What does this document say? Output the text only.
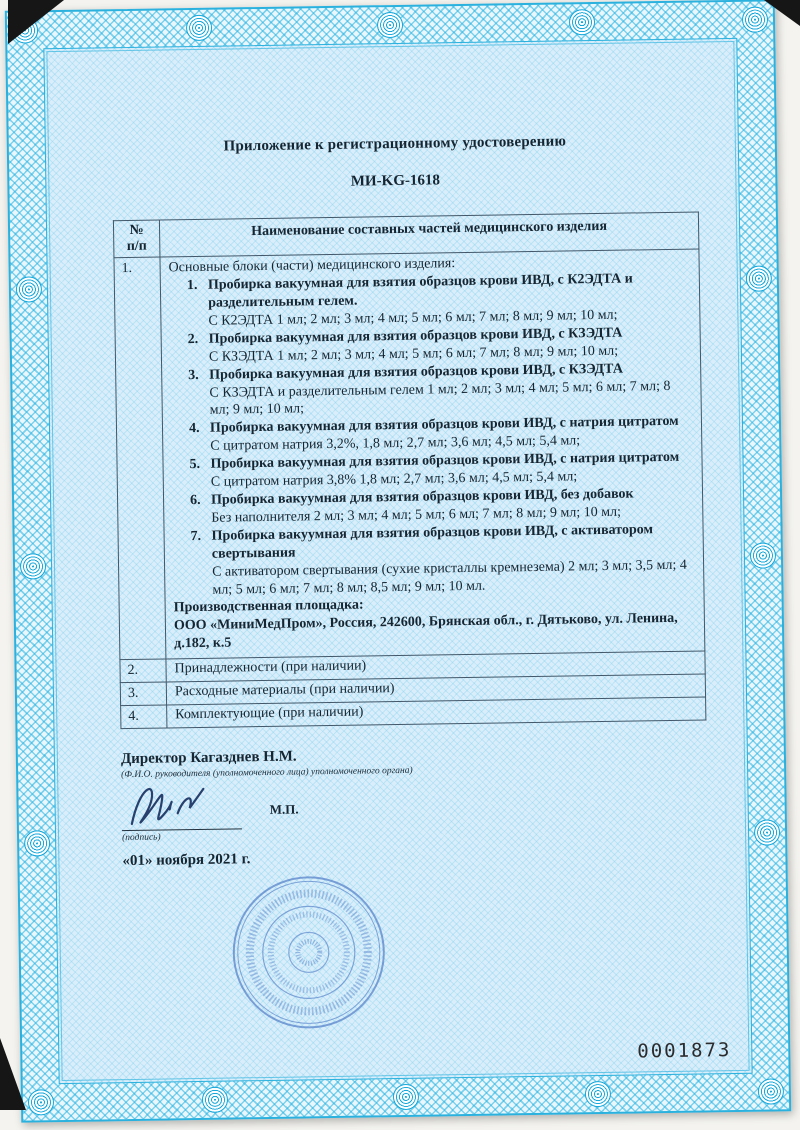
Приложение к регистрационному удостоверению
МИ-KG-1618
№
п/п	Наименование составных частей медицинского изделия
1.	Основные блоки (части) медицинского изделия:
1. Пробирка вакуумная для взятия образцов крови ИВД, с К2ЭДТА и разделительным гелем.
С К2ЭДТА 1 мл; 2 мл; 3 мл; 4 мл; 5 мл; 6 мл; 7 мл; 8 мл; 9 мл; 10 мл;
2. Пробирка вакуумная для взятия образцов крови ИВД, с КЗЭДТА
С КЗЭДТА 1 мл; 2 мл; 3 мл; 4 мл; 5 мл; 6 мл; 7 мл; 8 мл; 9 мл; 10 мл;
3. Пробирка вакуумная для взятия образцов крови ИВД, с КЗЭДТА
С КЗЭДТА и разделительным гелем 1 мл; 2 мл; 3 мл; 4 мл; 5 мл; 6 мл; 7 мл; 8 мл; 9 мл; 10 мл;
4. Пробирка вакуумная для взятия образцов крови ИВД, с натрия цитратом
С цитратом натрия 3,2%, 1,8 мл; 2,7 мл; 3,6 мл; 4,5 мл; 5,4 мл;
5. Пробирка вакуумная для взятия образцов крови ИВД, с натрия цитратом
С цитратом натрия 3,8% 1,8 мл; 2,7 мл; 3,6 мл; 4,5 мл; 5,4 мл;
6. Пробирка вакуумная для взятия образцов крови ИВД, без добавок
Без наполнителя 2 мл; 3 мл; 4 мл; 5 мл; 6 мл; 7 мл; 8 мл; 9 мл; 10 мл;
7. Пробирка вакуумная для взятия образцов крови ИВД, с активатором свертывания
С активатором свертывания (сухие кристаллы кремнезема) 2 мл; 3 мл; 3,5 мл; 4 мл; 5 мл; 6 мл; 7 мл; 8 мл; 8,5 мл; 9 мл; 10 мл.
Производственная площадка:
ООО «МиниМедПром», Россия, 242600, Брянская обл., г. Дятьково, ул. Ленина, д.182, к.5

2.	Принадлежности (при наличии)
3.	Расходные материалы (при наличии)
4.	Комплектующие (при наличии)
Директор Кагазднев Н.М.
(Ф.И.О. руководителя (уполномоченного лица) уполномоченного органа)
М.П.
(подпись)
«01» ноября 2021 г.
0001873
